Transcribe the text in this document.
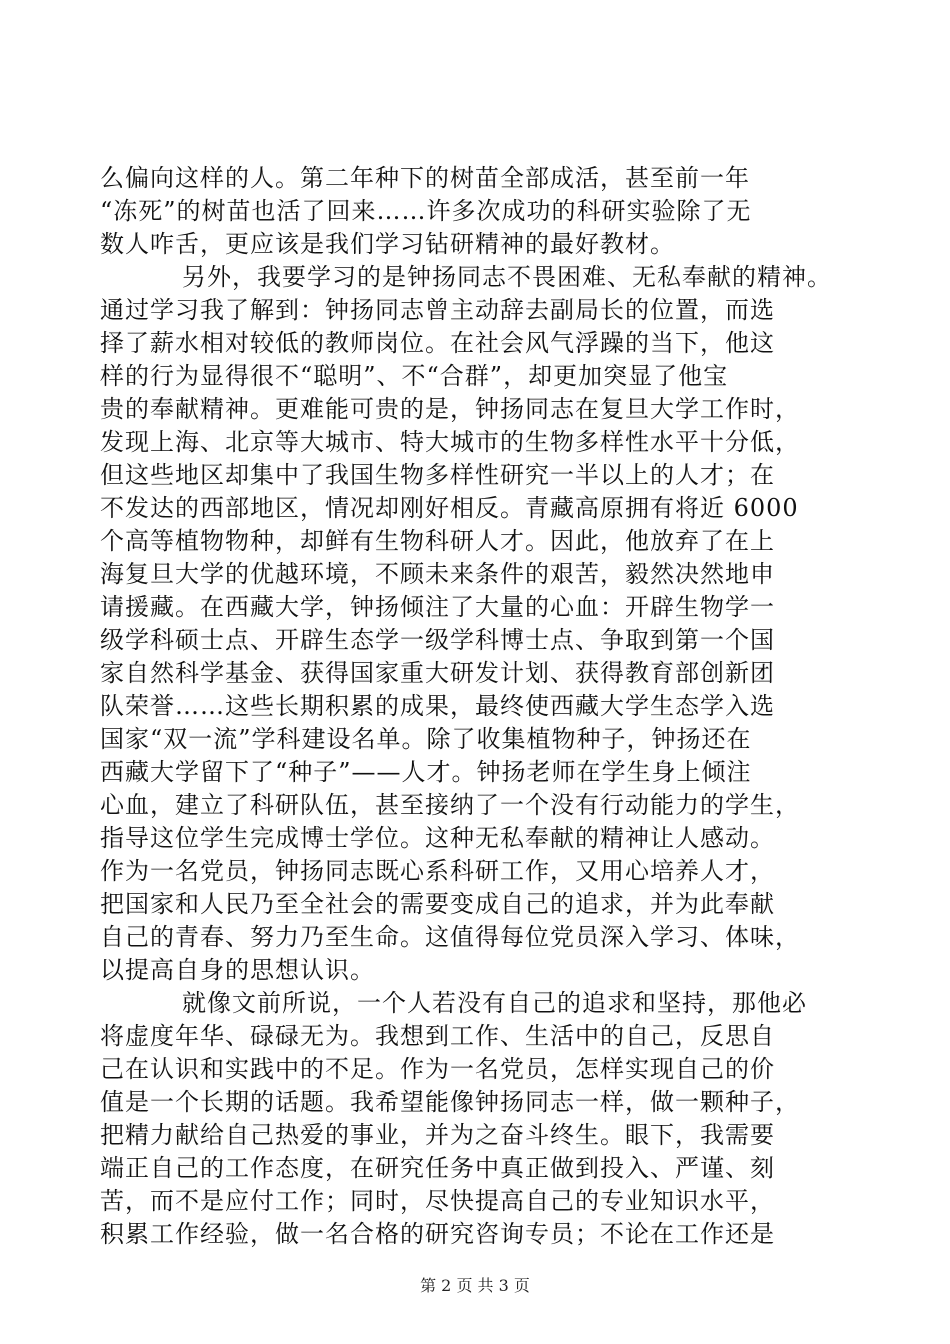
么偏向这样的人。第二年种下的树苗全部成活，甚至前一年
“冻死”的树苗也活了回来……许多次成功的科研实验除了无
数人咋舌，更应该是我们学习钻研精神的最好教材。
另外，我要学习的是钟扬同志不畏困难、无私奉献的精神。
通过学习我了解到：钟扬同志曾主动辞去副局长的位置，而选
择了薪水相对较低的教师岗位。在社会风气浮躁的当下，他这
样的行为显得很不“聪明”、不“合群”，却更加突显了他宝
贵的奉献精神。更难能可贵的是，钟扬同志在复旦大学工作时，
发现上海、北京等大城市、特大城市的生物多样性水平十分低，
但这些地区却集中了我国生物多样性研究一半以上的人才；在
不发达的西部地区，情况却刚好相反。青藏高原拥有将近 6000
个高等植物物种，却鲜有生物科研人才。因此，他放弃了在上
海复旦大学的优越环境，不顾未来条件的艰苦，毅然决然地申
请援藏。在西藏大学，钟扬倾注了大量的心血：开辟生物学一
级学科硕士点、开辟生态学一级学科博士点、争取到第一个国
家自然科学基金、获得国家重大研发计划、获得教育部创新团
队荣誉……这些长期积累的成果，最终使西藏大学生态学入选
国家“双一流”学科建设名单。除了收集植物种子，钟扬还在
西藏大学留下了“种子”——人才。钟扬老师在学生身上倾注
心血，建立了科研队伍，甚至接纳了一个没有行动能力的学生，
指导这位学生完成博士学位。这种无私奉献的精神让人感动。
作为一名党员，钟扬同志既心系科研工作，又用心培养人才，
把国家和人民乃至全社会的需要变成自己的追求，并为此奉献
自己的青春、努力乃至生命。这值得每位党员深入学习、体味，
以提高自身的思想认识。
就像文前所说，一个人若没有自己的追求和坚持，那他必
将虚度年华、碌碌无为。我想到工作、生活中的自己，反思自
己在认识和实践中的不足。作为一名党员，怎样实现自己的价
值是一个长期的话题。我希望能像钟扬同志一样，做一颗种子，
把精力献给自己热爱的事业，并为之奋斗终生。眼下，我需要
端正自己的工作态度，在研究任务中真正做到投入、严谨、刻
苦，而不是应付工作；同时，尽快提高自己的专业知识水平，
积累工作经验，做一名合格的研究咨询专员；不论在工作还是
第 2 页 共 3 页
